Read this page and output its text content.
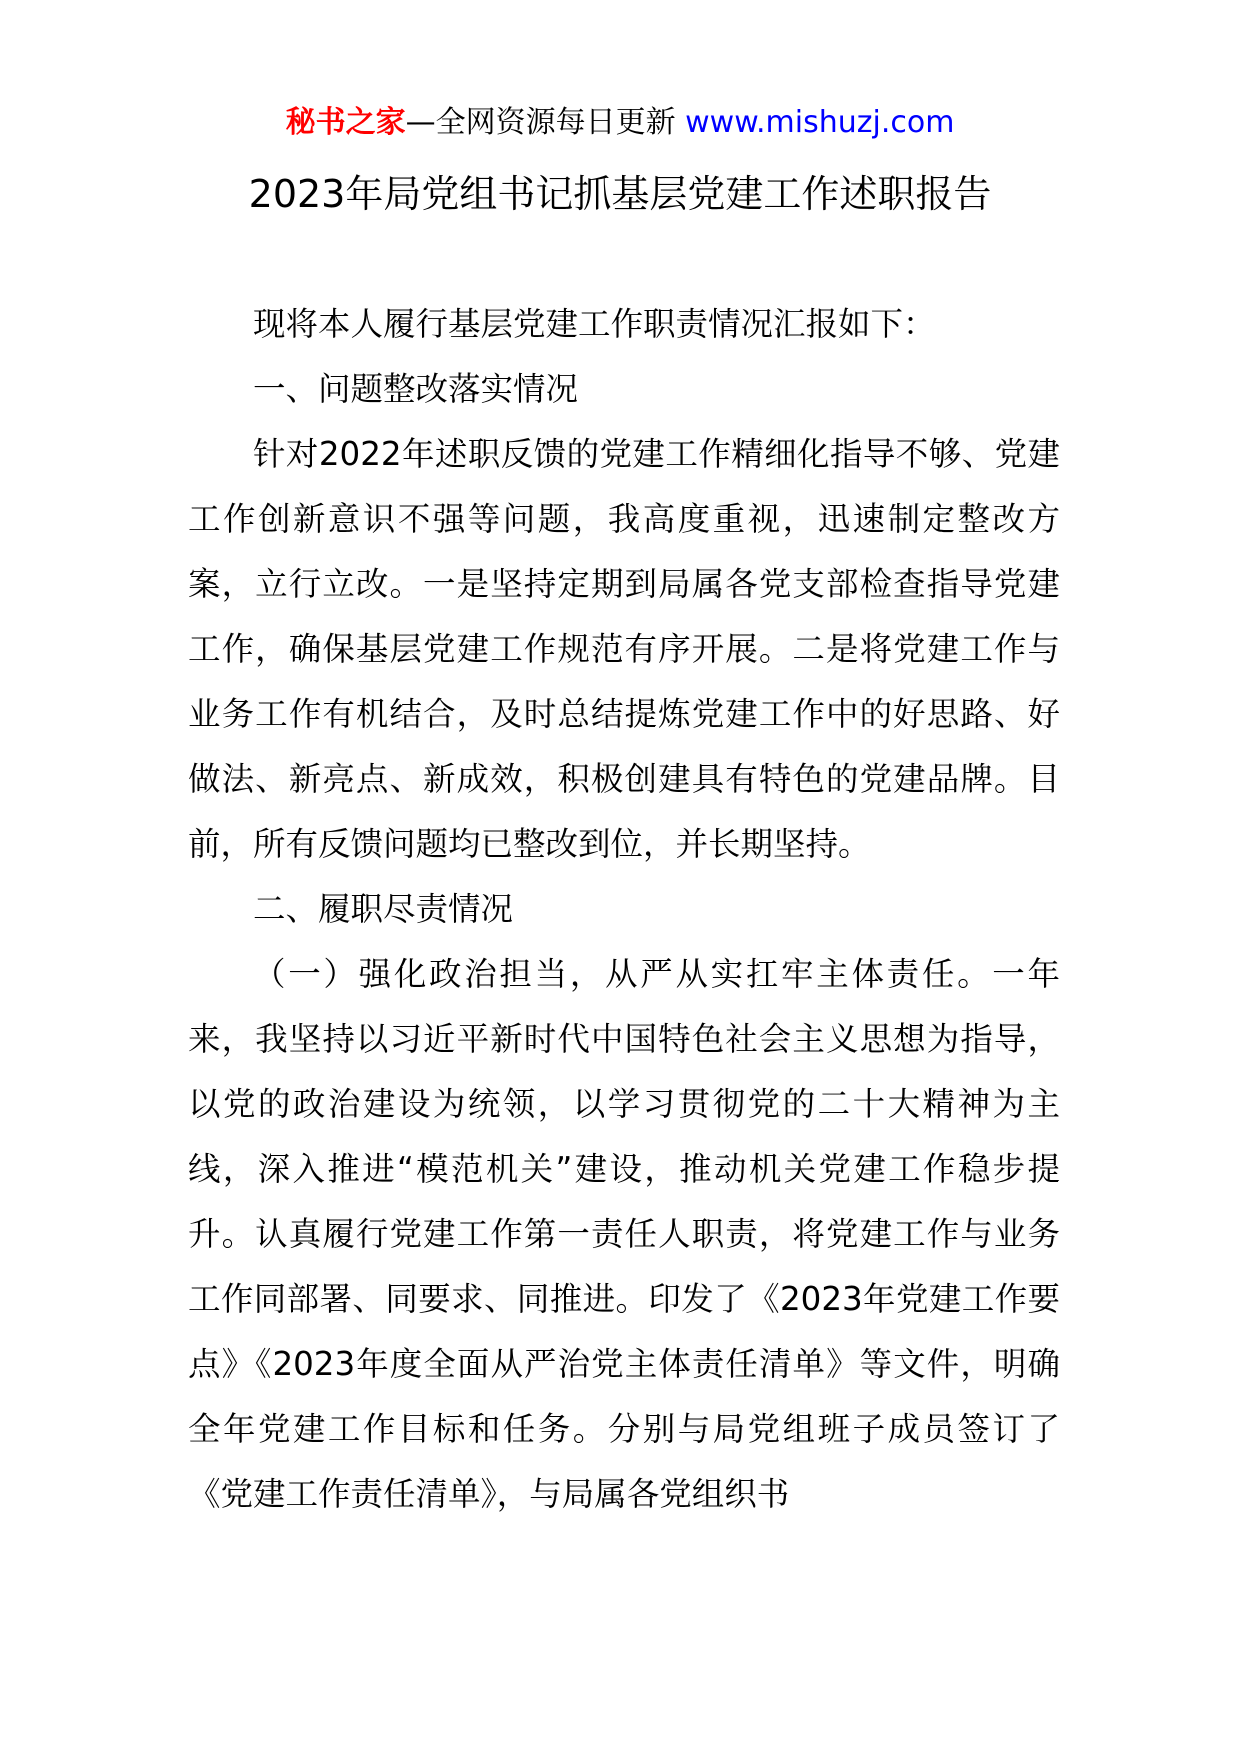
秘书之家—全网资源每日更新 www.mishuzj.com
2023年局党组书记抓基层党建工作述职报告

现将本人履行基层党建工作职责情况汇报如下：

一、问题整改落实情况

针对2022年述职反馈的党建工作精细化指导不够、党建工作创新意识不强等问题，我高度重视，迅速制定整改方案，立行立改。一是坚持定期到局属各党支部检查指导党建工作，确保基层党建工作规范有序开展。二是将党建工作与业务工作有机结合，及时总结提炼党建工作中的好思路、好做法、新亮点、新成效，积极创建具有特色的党建品牌。目前，所有反馈问题均已整改到位，并长期坚持。

二、履职尽责情况

（一）强化政治担当，从严从实扛牢主体责任。一年来，我坚持以习近平新时代中国特色社会主义思想为指导，以党的政治建设为统领，以学习贯彻党的二十大精神为主线，深入推进“模范机关”建设，推动机关党建工作稳步提升。认真履行党建工作第一责任人职责，将党建工作与业务工作同部署、同要求、同推进。印发了《2023年党建工作要点》《2023年度全面从严治党主体责任清单》等文件，明确全年党建工作目标和任务。分别与局党组班子成员签订了《党建工作责任清单》，与局属各党组织书
